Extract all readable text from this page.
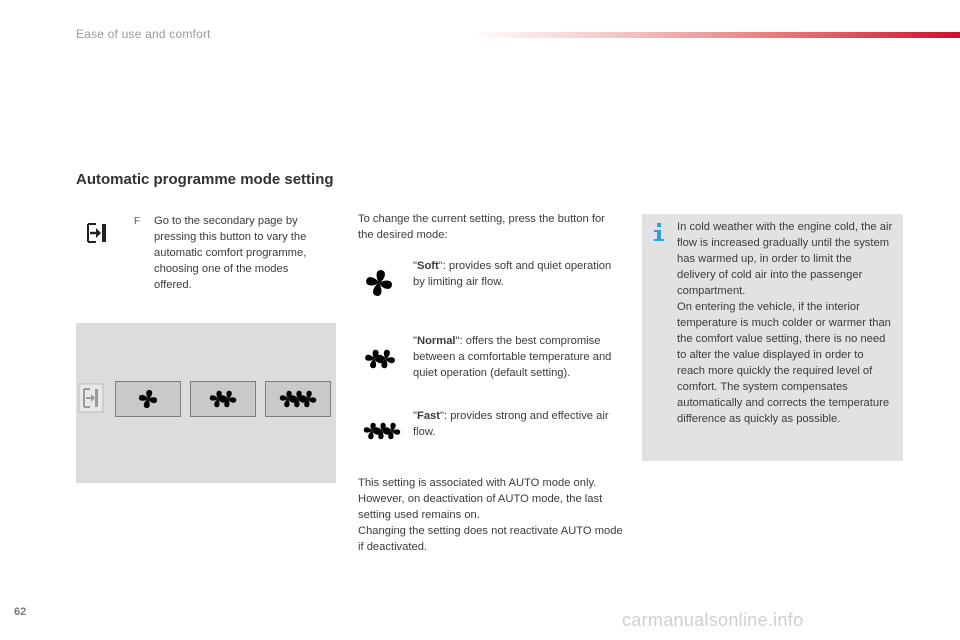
Ease of use and comfort
Automatic programme mode setting
F Go to the secondary page by pressing this button to vary the automatic comfort programme, choosing one of the modes offered.
To change the current setting, press the button for the desired mode:
"Soft": provides soft and quiet operation by limiting air flow.
"Normal": offers the best compromise between a comfortable temperature and quiet operation (default setting).
"Fast": provides strong and effective air flow.
This setting is associated with AUTO mode only. However, on deactivation of AUTO mode, the last setting used remains on.
Changing the setting does not reactivate AUTO mode if deactivated.
In cold weather with the engine cold, the air flow is increased gradually until the system has warmed up, in order to limit the delivery of cold air into the passenger compartment.
On entering the vehicle, if the interior temperature is much colder or warmer than the comfort value setting, there is no need to alter the value displayed in order to reach more quickly the required level of comfort. The system compensates automatically and corrects the temperature difference as quickly as possible.
62	carmanualsonline.info
